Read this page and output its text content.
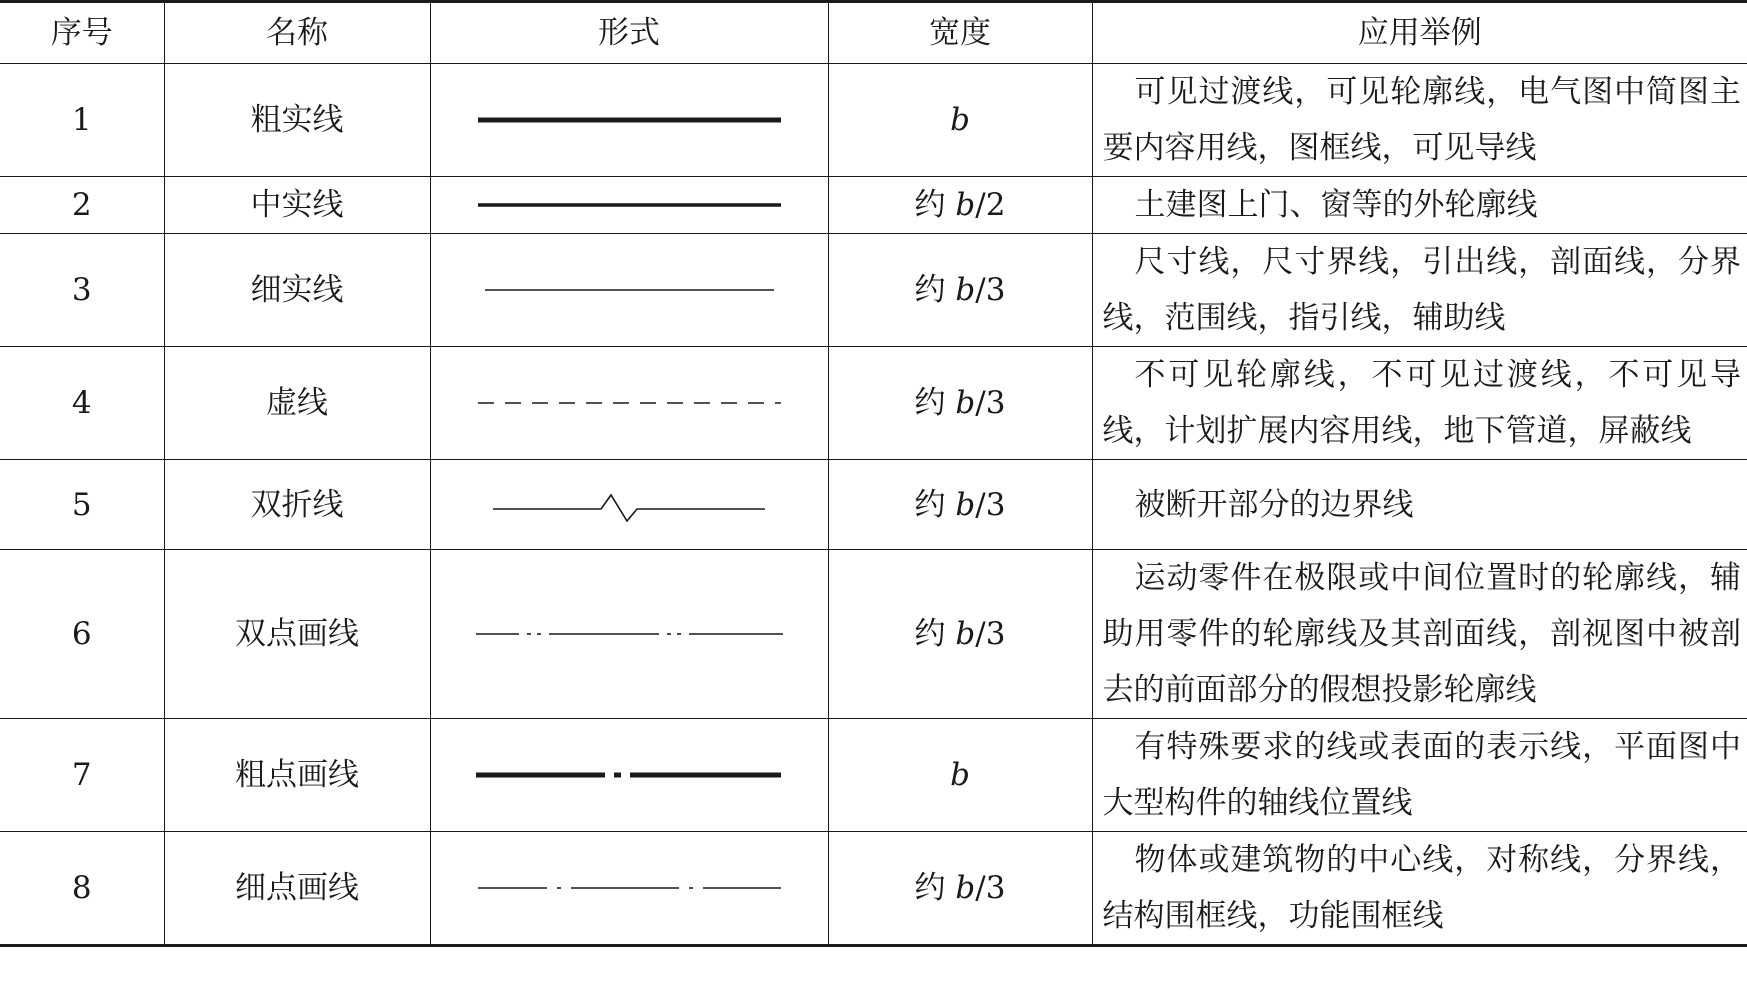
序号	名称	形式	宽度	应用举例
1	粗实线		b	可见过渡线，可见轮廓线，电气图中简图主要内容用线，图框线，可见导线

2	中实线		约 b/2	土建图上门、窗等的外轮廓线

3	细实线		约 b/3	尺寸线，尺寸界线，引出线，剖面线，分界线，范围线，指引线，辅助线

4	虚线		约 b/3	不可见轮廓线，不可见过渡线，不可见导线，计划扩展内容用线，地下管道，屏蔽线

5	双折线		约 b/3	被断开部分的边界线

6	双点画线		约 b/3	运动零件在极限或中间位置时的轮廓线，辅助用零件的轮廓线及其剖面线，剖视图中被剖去的前面部分的假想投影轮廓线

7	粗点画线		b	有特殊要求的线或表面的表示线，平面图中大型构件的轴线位置线

8	细点画线		约 b/3	物体或建筑物的中心线，对称线，分界线，结构围框线，功能围框线
